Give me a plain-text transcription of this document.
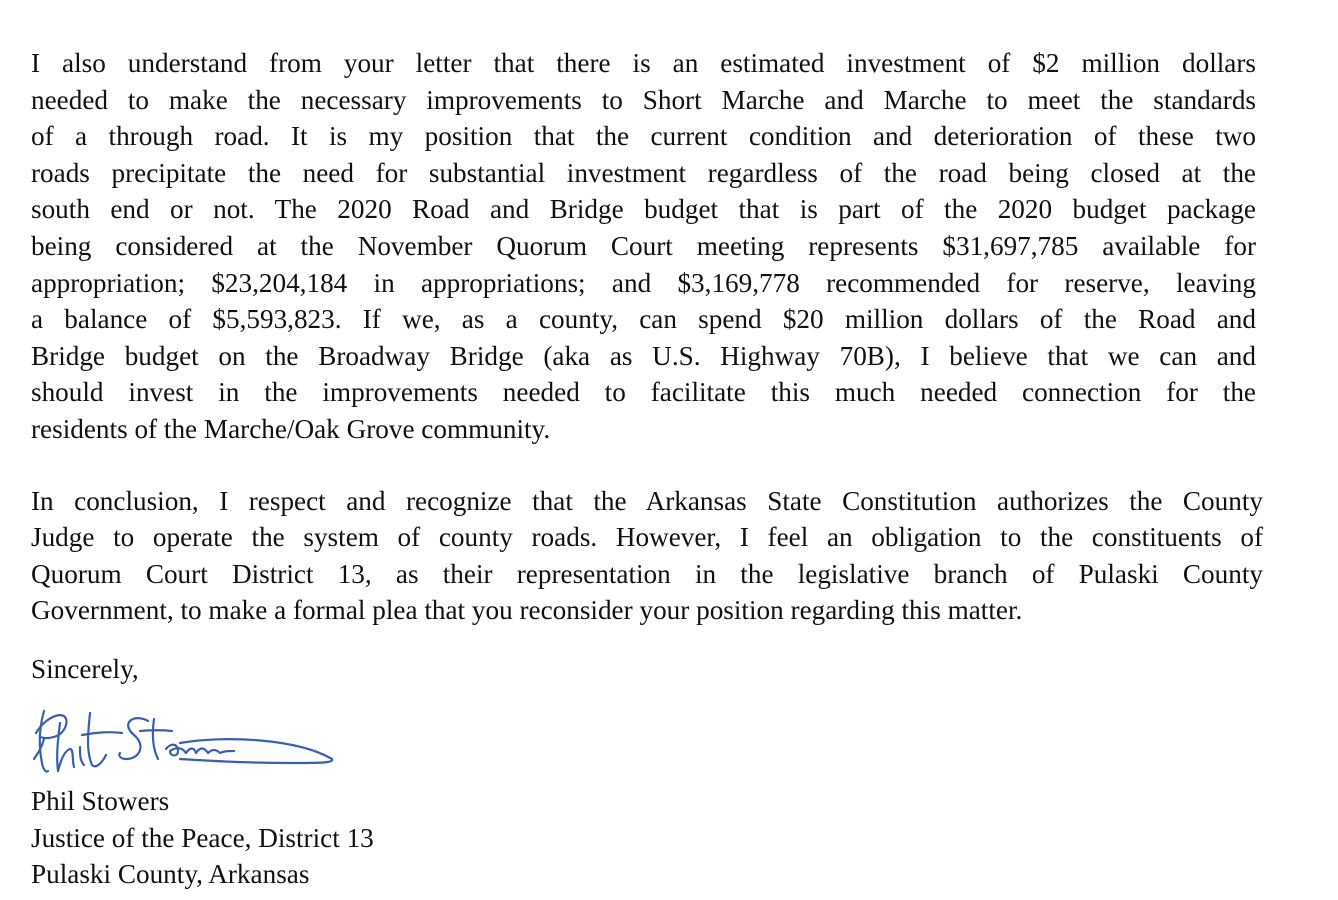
I also understand from your letter that there is an estimated investment of $2 million dollars
needed to make the necessary improvements to Short Marche and Marche to meet the standards
of a through road. It is my position that the current condition and deterioration of these two
roads precipitate the need for substantial investment regardless of the road being closed at the
south end or not. The 2020 Road and Bridge budget that is part of the 2020 budget package
being considered at the November Quorum Court meeting represents $31,697,785 available for
appropriation; $23,204,184 in appropriations; and $3,169,778 recommended for reserve, leaving
a balance of $5,593,823. If we, as a county, can spend $20 million dollars of the Road and
Bridge budget on the Broadway Bridge (aka as U.S. Highway 70B), I believe that we can and
should invest in the improvements needed to facilitate this much needed connection for the
residents of the Marche/Oak Grove community.
In conclusion, I respect and recognize that the Arkansas State Constitution authorizes the County
Judge to operate the system of county roads. However, I feel an obligation to the constituents of
Quorum Court District 13, as their representation in the legislative branch of Pulaski County
Government, to make a formal plea that you reconsider your position regarding this matter.
Sincerely,
Phil Stowers
Justice of the Peace, District 13
Pulaski County, Arkansas
